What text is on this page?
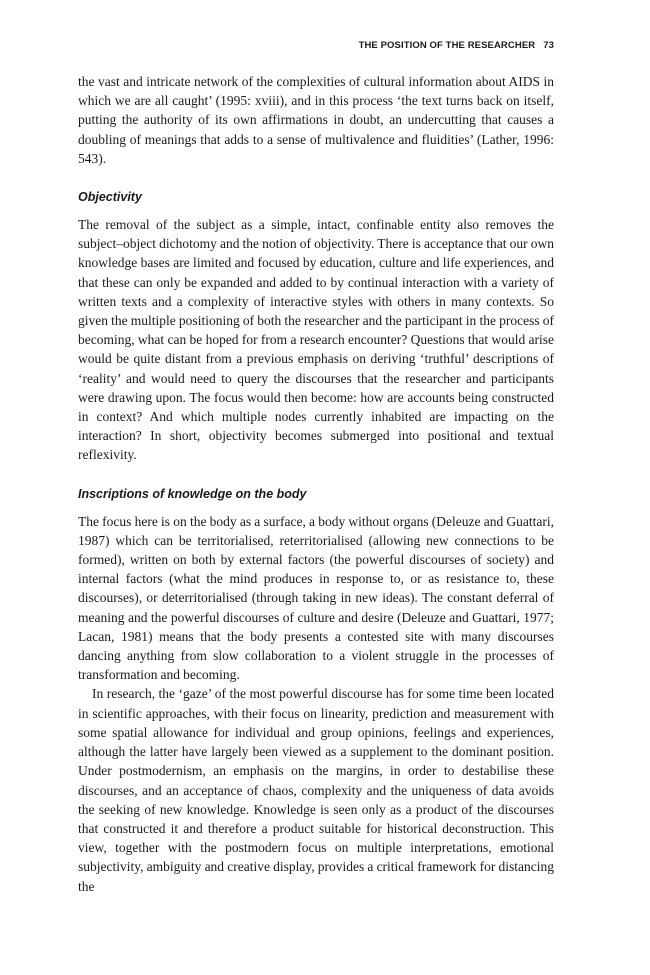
THE POSITION OF THE RESEARCHER 73

the vast and intricate network of the complexities of cultural information about AIDS in which we are all caught’ (1995: xviii), and in this process ‘the text turns back on itself, putting the authority of its own affirmations in doubt, an undercutting that causes a doubling of meanings that adds to a sense of multivalence and fluidities’ (Lather, 1996: 543).

Objectivity

The removal of the subject as a simple, intact, confinable entity also removes the subject–object dichotomy and the notion of objectivity. There is acceptance that our own knowledge bases are limited and focused by education, culture and life experiences, and that these can only be expanded and added to by continual interaction with a variety of written texts and a complexity of interactive styles with others in many contexts. So given the multiple positioning of both the researcher and the participant in the process of becoming, what can be hoped for from a research encounter? Questions that would arise would be quite distant from a previous emphasis on deriving ‘truthful’ descriptions of ‘reality’ and would need to query the discourses that the researcher and participants were drawing upon. The focus would then become: how are accounts being constructed in context? And which multiple nodes currently inhabited are impacting on the interaction? In short, objectivity becomes submerged into positional and textual reflexivity.

Inscriptions of knowledge on the body

The focus here is on the body as a surface, a body without organs (Deleuze and Guattari, 1987) which can be territorialised, reterritorialised (allowing new connections to be formed), written on both by external factors (the powerful discourses of society) and internal factors (what the mind produces in response to, or as resistance to, these discourses), or deterritorialised (through taking in new ideas). The constant deferral of meaning and the powerful discourses of culture and desire (Deleuze and Guattari, 1977; Lacan, 1981) means that the body presents a contested site with many discourses dancing anything from slow collaboration to a violent struggle in the processes of transformation and becoming.

In research, the ‘gaze’ of the most powerful discourse has for some time been located in scientific approaches, with their focus on linearity, prediction and measurement with some spatial allowance for individual and group opinions, feelings and experiences, although the latter have largely been viewed as a supplement to the dominant position. Under postmodernism, an emphasis on the margins, in order to destabilise these discourses, and an acceptance of chaos, complexity and the uniqueness of data avoids the seeking of new knowledge. Knowledge is seen only as a product of the discourses that constructed it and therefore a product suitable for historical deconstruction. This view, together with the postmodern focus on multiple interpretations, emotional subjectivity, ambiguity and creative display, provides a critical framework for distancing the
